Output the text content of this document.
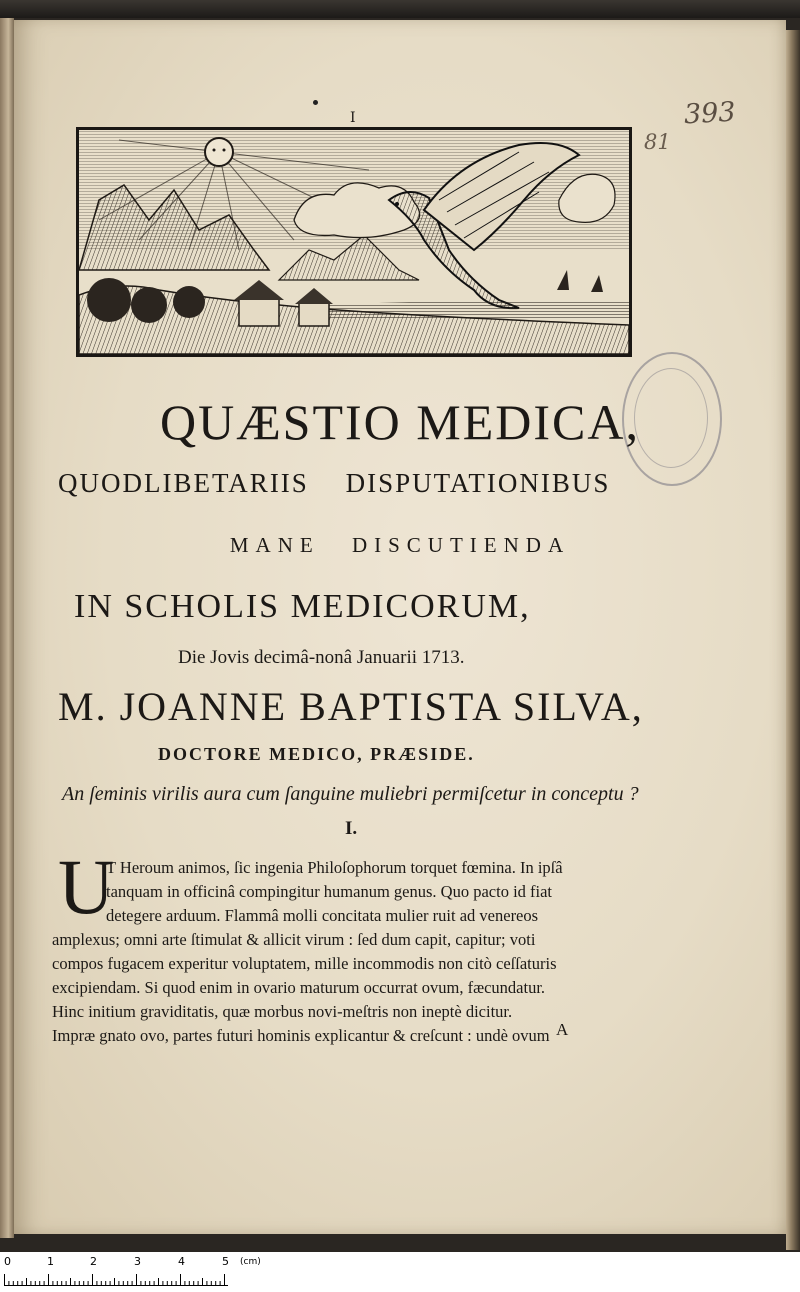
I	393
81
QUÆSTIO MEDICA,
QUODLIBETARIIS DISPUTATIONIBUS
MANE DISCUTIENDA
IN SCHOLIS MEDICORUM,
Die Jovis decimâ-nonâ Januarii 1713.
M. JOANNE BAPTISTA SILVA,
DOCTORE MEDICO, PRÆSIDE.
An ſeminis virilis aura cum ſanguine muliebri permiſcetur in conceptu ?
I.
U
T Heroum animos, ſic ingenia Philoſophorum torquet fœmina. In ipſâ
tanquam in officinâ compingitur humanum genus. Quo pacto id fiat
detegere arduum. Flammâ molli concitata mulier ruit ad venereos
amplexus; omni arte ſtimulat & allicit virum : ſed dum capit, capitur; voti
compos fugacem experitur voluptatem, mille incommodis non citò ceſſaturis
excipiendam. Si quod enim in ovario maturum occurrat ovum, fæcundatur.
Hinc initium graviditatis, quæ morbus novi-meſtris non ineptè dicitur.
Impræ gnato ovo, partes futuri hominis explicantur & creſcunt : undè ovum A
0	1	2	3	4	5 (cm)
